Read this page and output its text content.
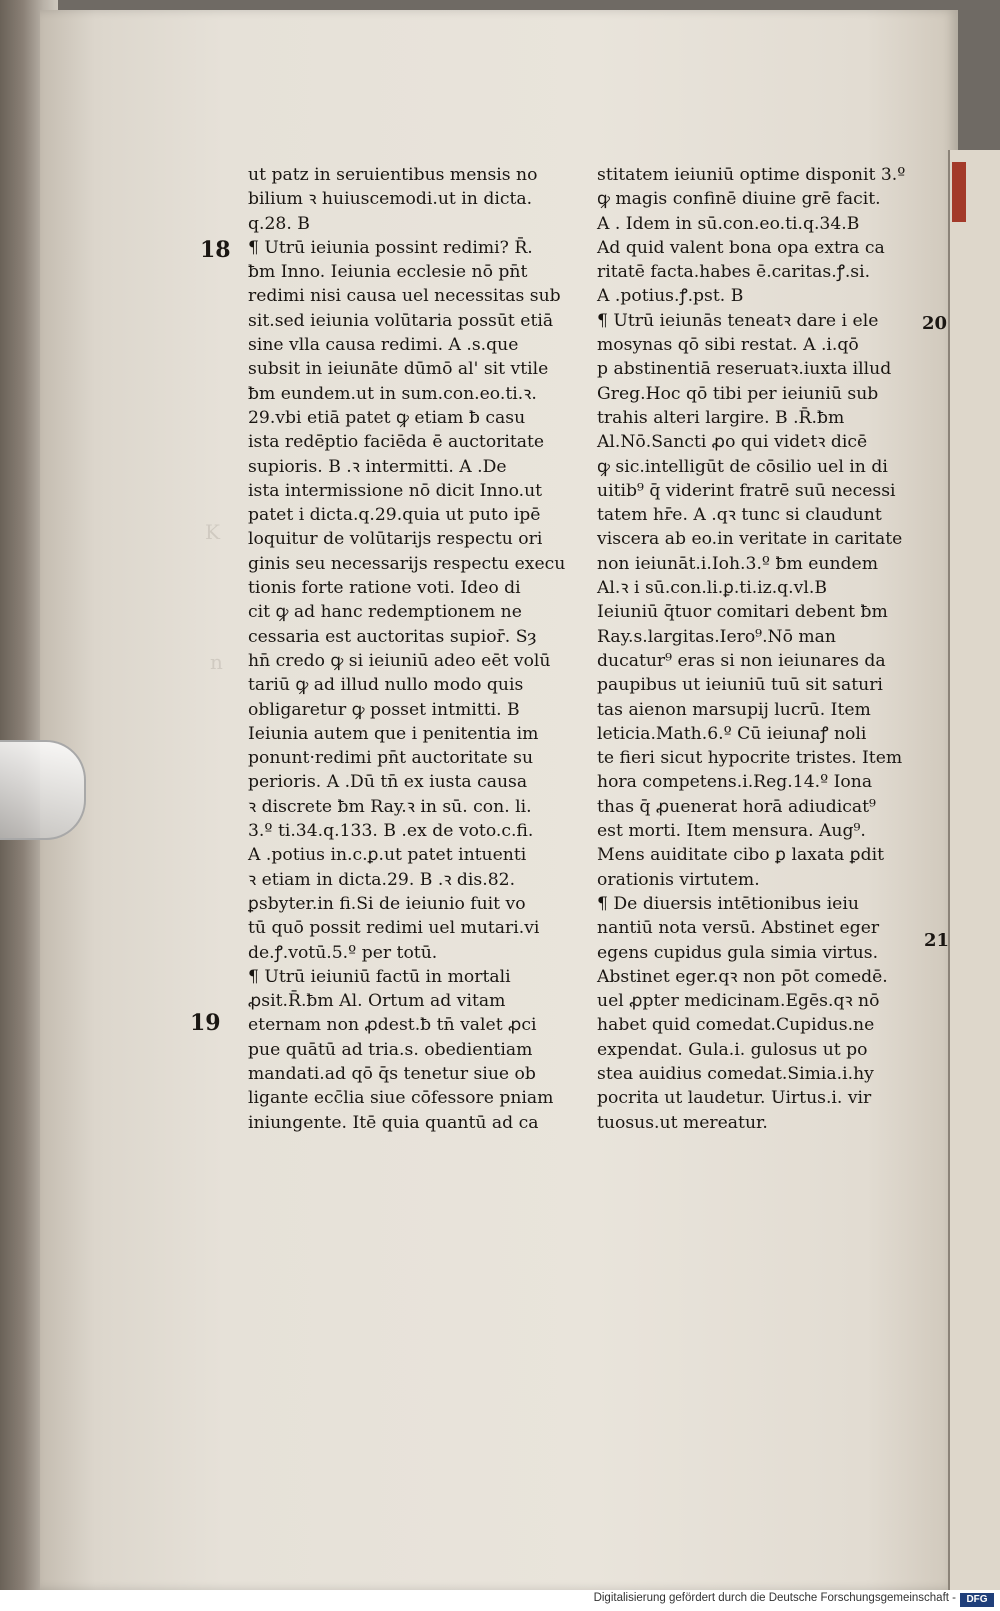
K
n
18
19
20
21
ut patz in seruientibus mensis no
bilium ꝛ huiuscemodi.ut in dicta.
q.28. B
¶ Utrū ieiunia possint redimi? R̄.
ƀm Inno. Ieiunia ecclesie nō pn̄t
redimi nisi causa uel necessitas sub
sit.sed ieiunia volūtaria possūt etiā
sine vlla causa redimi. A .s.que
subsit in ieiunāte dūmō al' sit vtile
ƀm eundem.ut in sum.con.eo.ti.ꝛ.
29.vbi etiā patet ꝙ etiam ƀ casu
ista redēptio faciēda ē auctoritate
supioris. B .ꝛ intermitti. A .De
ista intermissione nō dicit Inno.ut
patet i dicta.q.29.quia ut puto ipē
loquitur de volūtarijs respectu ori
ginis seu necessarijs respectu execu
tionis forte ratione voti. Ideo di
cit ꝙ ad hanc redemptionem ne
cessaria est auctoritas supior̄. Sȝ
hn̄ credo ꝙ si ieiuniū adeo eēt volū
tariū ꝙ ad illud nullo modo quis
obligaretur ꝙ posset intmitti. B
Ieiunia autem que i penitentia im
ponunt·redimi pn̄t auctoritate su
perioris. A .Dū tn̄ ex iusta causa
ꝛ discrete ƀm Ray.ꝛ in sū. con. li.
3.º ti.34.q.133. B .ex de voto.c.fi.
A .potius in.c.ꝑ.ut patet intuenti
ꝛ etiam in dicta.29. B .ꝛ dis.82.
ꝑsbyter.in fi.Si de ieiunio fuit vo
tū quō possit redimi uel mutari.vi
de.ꝭ.votū.5.º per totū.
¶ Utrū ieiuniū factū in mortali
ꝓsit.R̄.ƀm Al. Ortum ad vitam
eternam non ꝓdest.ƀ tn̄ valet ꝓci
pue quātū ad tria.s. obedientiam
mandati.ad qō q̄s tenetur siue ob
ligante ecc̄lia siue cōfessore pniam
iniungente. Itē quia quantū ad ca
stitatem ieiuniū optime disponit 3.º
ꝙ magis confinē diuine grē facit.
A . Idem in sū.con.eo.ti.q.34.B
Ad quid valent bona opa extra ca
ritatē facta.habes ē.caritas.ꝭ.si.
A .potius.ꝭ.pst. B
¶ Utrū ieiunās teneatꝛ dare i ele
mosynas qō sibi restat. A .i.qō
p abstinentiā reseruatꝛ.iuxta illud
Greg.Hoc qō tibi per ieiuniū sub
trahis alteri largire. B .R̄.ƀm
Al.Nō.Sancti ꝓo qui videtꝛ dicē
ꝙ sic.intelligūt de cōsilio uel in di
uitib⁹ q̄ viderint fratrē suū necessi
tatem hr̄e. A .qꝛ tunc si claudunt
viscera ab eo.in veritate in caritate
non ieiunāt.i.Ioh.3.º ƀm eundem
Al.ꝛ i sū.con.li.ꝑ.ti.iz.q.vl.B
Ieiuniū q̄tuor comitari debent ƀm
Ray.s.largitas.Iero⁹.Nō man
ducatur⁹ eras si non ieiunares da
paupibus ut ieiuniū tuū sit saturi
tas aienon marsupij lucrū. Item
leticia.Math.6.º Cū ieiunaꝭ noli
te fieri sicut hypocrite tristes. Item
hora competens.i.Reg.14.º Iona
thas q̄ ꝓuenerat horā adiudicat⁹
est morti. Item mensura. Aug⁹.
Mens auiditate cibo ꝑ laxata ꝑdit
orationis virtutem.
¶ De diuersis intētionibus ieiu
nantiū nota versū. Abstinet eger
egens cupidus gula simia virtus.
Abstinet eger.qꝛ non pōt comedē.
uel ꝓpter medicinam.Egēs.qꝛ nō
habet quid comedat.Cupidus.ne
expendat. Gula.i. gulosus ut po
stea auidius comedat.Simia.i.hy
pocrita ut laudetur. Uirtus.i. vir
tuosus.ut mereatur.
Digitalisierung gefördert durch die Deutsche Forschungsgemeinschaft -	DFG
